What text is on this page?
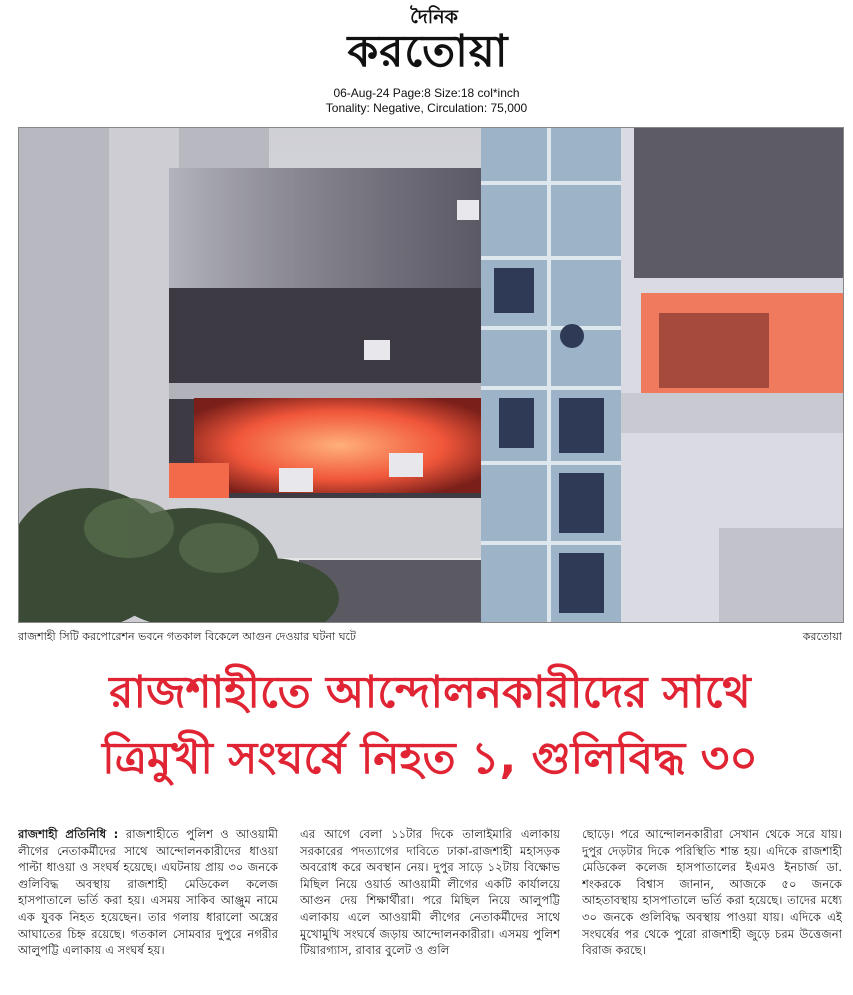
দৈনিক
করতোয়া
06-Aug-24 Page:8 Size:18 col*inch
Tonality: Negative, Circulation: 75,000
রাজশাহী সিটি করপোরেশন ভবনে গতকাল বিকেলে আগুন দেওয়ার ঘটনা ঘটে	করতোয়া
রাজশাহীতে আন্দোলনকারীদের সাথে
ত্রিমুখী সংঘর্ষে নিহত ১, গুলিবিদ্ধ ৩০
রাজশাহী প্রতিনিধি : রাজশাহীতে পুলিশ ও আওয়ামী লীগের নেতাকর্মীদের সাথে আন্দোলনকারীদের ধাওয়া পাল্টা ধাওয়া ও সংঘর্ষ হয়েছে। এঘটনায় প্রায় ৩০ জনকে গুলিবিদ্ধ অবস্থায় রাজশাহী মেডিকেল কলেজ হাসপাতালে ভর্তি করা হয়। এসময় সাকিব আঞ্জুম নামে এক যুবক নিহত হয়েছেন। তার গলায় ধারালো অস্ত্রের আঘাতের চিহ্ন রয়েছে। গতকাল সোমবার দুপুরে নগরীর আলুপট্টি এলাকায় এ সংঘর্ষ হয়।
এর আগে বেলা ১১টার দিকে তালাইমারি এলাকায় সরকারের পদত্যাগের দাবিতে ঢাকা-রাজশাহী মহাসড়ক অবরোধ করে অবস্থান নেয়। দুপুর সাড়ে ১২টায় বিক্ষোভ মিছিল নিয়ে ওয়ার্ড আওয়ামী লীগের একটি কার্যালয়ে আগুন দেয় শিক্ষার্থীরা। পরে মিছিল নিয়ে আলুপট্টি এলাকায় এলে আওয়ামী লীগের নেতাকর্মীদের সাথে মুখোমুখি সংঘর্ষে জড়ায় আন্দোলনকারীরা। এসময় পুলিশ টিয়ারগ্যাস, রাবার বুলেট ও গুলি
ছোড়ে। পরে আন্দোলনকারীরা সেখান থেকে সরে যায়। দুপুর দেড়টার দিকে পরিস্থিতি শান্ত হয়। এদিকে রাজশাহী মেডিকেল কলেজ হাসপাতালের ইএমও ইনচার্জ ডা. শংকরকে বিশ্বাস জানান, আজকে ৫০ জনকে আহতাবস্থায় হাসপাতালে ভর্তি করা হয়েছে। তাদের মধ্যে ৩০ জনকে গুলিবিদ্ধ অবস্থায় পাওয়া যায়। এদিকে এই সংঘর্ষের পর থেকে পুরো রাজশাহী জুড়ে চরম উত্তেজনা বিরাজ করছে।
